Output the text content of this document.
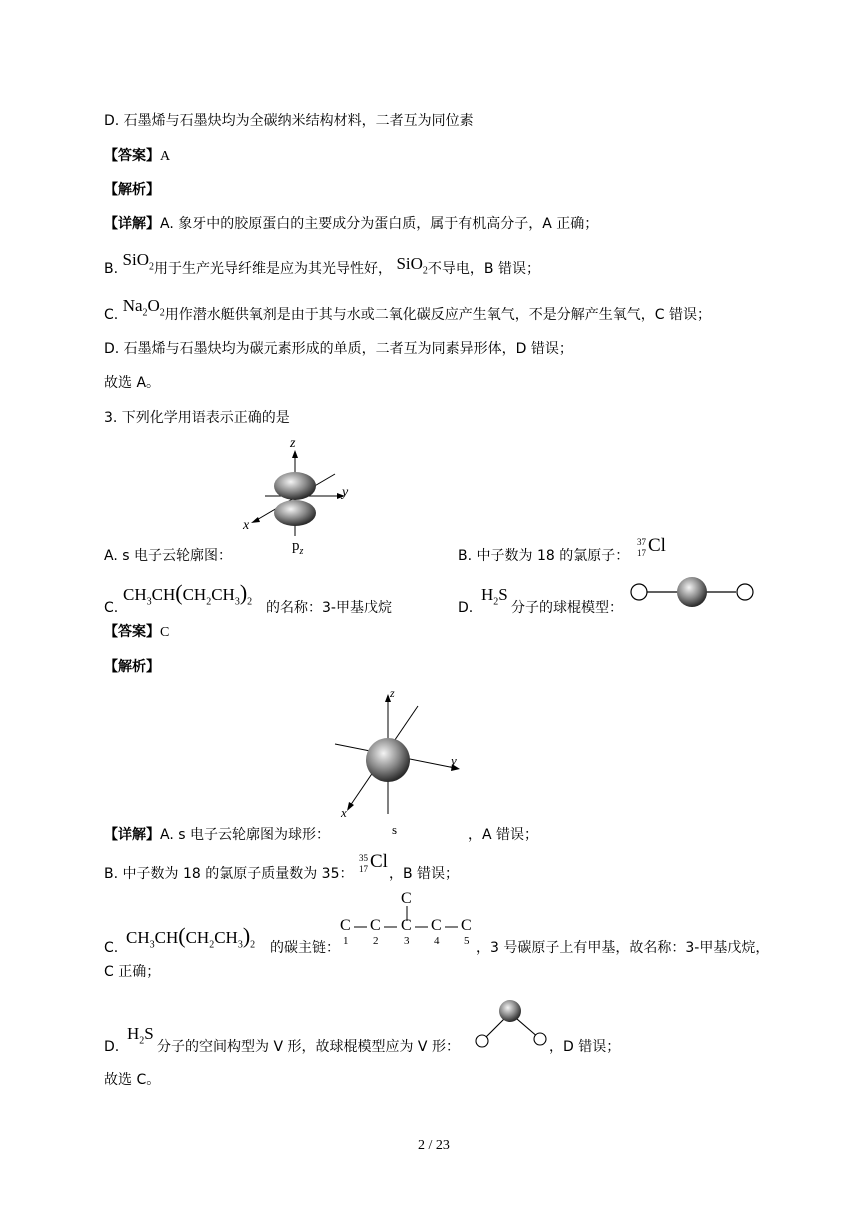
D. 石墨烯与石墨炔均为全碳纳米结构材料，二者互为同位素
【答案】A
【解析】
【详解】A. 象牙中的胶原蛋白的主要成分为蛋白质，属于有机高分子，A 正确；
B. SiO$_2$用于生产光导纤维是应为其光导性好， SiO$_2$不导电，B 错误；
C. $Na_2O_2$用作潜水艇供氧剂是由于其与水或二氧化碳反应产生氧气，不是分解产生氧气，C 错误；
D. 石墨烯与石墨炔均为碳元素形成的单质，二者互为同素异形体，D 错误；
故选 A。
3. 下列化学用语表示正确的是
z
y
x
$p_z$
A. s 电子云轮廓图：	B. 中子数为 18 的氯原子：
37
17 Cl
C.
$CH_3CH(CH_2CH_3)_2$ 的名称：3-甲基戊烷	D.
$H_2S$
分子的球棍模型：
【答案】C
【解析】
z
y
x
s
【详解】A. s 电子云轮廓图为球形：	，A 错误；
B. 中子数为 18 的氯原子质量数为 35：
35
17 Cl
，B 错误；
C.
$CH_3CH(CH_2CH_3)_2$ 的碳主链：
C
C C C C C
1 2 3 4 5 ，3 号碳原子上有甲基，故名称：3-甲基戊烷，
C 正确；
D.
$H_2S$
分子的空间构型为 V 形，故球棍模型应为 V 形：	，D 错误；
故选 C。
2 / 23
